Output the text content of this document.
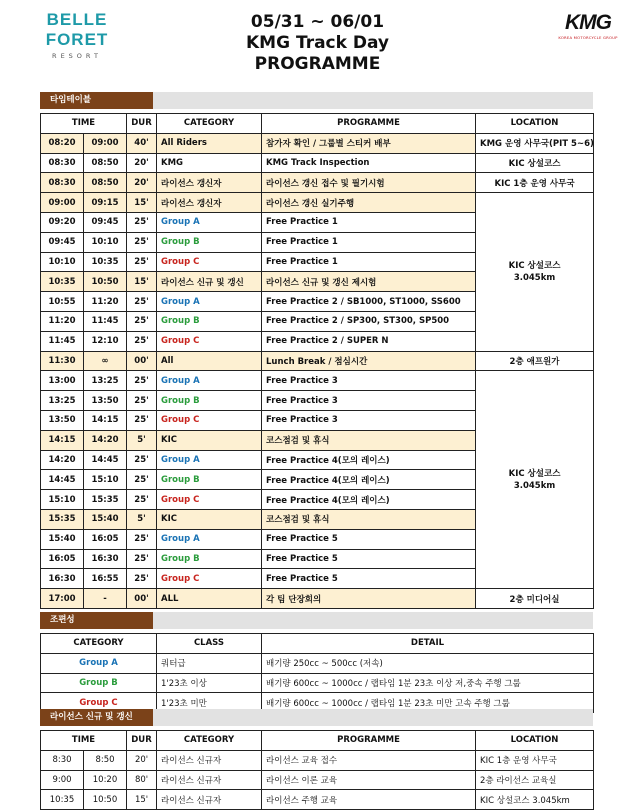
BELLE FORET
RESORT
05/31 ~ 06/01
KMG Track Day
PROGRAMME
KMG
KOREA MOTORCYCLE GROUP
타임테이블
TIME		DUR	CATEGORY	PROGRAMME	LOCATION
08:20	09:00	40'	All Riders	참가자 확인 / 그룹별 스티커 배부	KMG 운영 사무국(PIT 5~6)
08:30	08:50	20'	KMG	KMG Track Inspection	KIC 상설코스
08:30	08:50	20'	라이선스 갱신자	라이선스 갱신 접수 및 필기시험	KIC 1층 운영 사무국
09:00	09:15	15'	라이선스 갱신자	라이선스 갱신 실기주행	KIC 상설코스
3.045km

09:20	09:45	25'	Group A	Free Practice 1	
09:45	10:10	25'	Group B	Free Practice 1	
10:10	10:35	25'	Group C	Free Practice 1	
10:35	10:50	15'	라이선스 신규 및 갱신	라이선스 신규 및 갱신 제시험	
10:55	11:20	25'	Group A	Free Practice 2 / SB1000, ST1000, SS600	
11:20	11:45	25'	Group B	Free Practice 2 / SP300, ST300, SP500	
11:45	12:10	25'	Group C	Free Practice 2 / SUPER N	
11:30	∞	00'	All	Lunch Break / 점심시간	2층 애프원가
13:00	13:25	25'	Group A	Free Practice 3	KIC 상설코스
3.045km

13:25	13:50	25'	Group B	Free Practice 3	
13:50	14:15	25'	Group C	Free Practice 3	
14:15	14:20	5'	KIC	코스점검 및 휴식	
14:20	14:45	25'	Group A	Free Practice 4(모의 레이스)	
14:45	15:10	25'	Group B	Free Practice 4(모의 레이스)	
15:10	15:35	25'	Group C	Free Practice 4(모의 레이스)	
15:35	15:40	5'	KIC	코스점검 및 휴식	
15:40	16:05	25'	Group A	Free Practice 5	
16:05	16:30	25'	Group B	Free Practice 5	
16:30	16:55	25'	Group C	Free Practice 5	
17:00	-	00'	ALL	각 팀 단장회의	2층 미디어실
조편성
CATEGORY	CLASS	DETAIL
Group A	쿼터급	배기량 250cc ~ 500cc (저속)
Group B	1'23초 이상	배기량 600cc ~ 1000cc / 랩타임 1분 23초 이상 저,중속 주행 그룹
Group C	1'23초 미만	배기량 600cc ~ 1000cc / 랩타임 1분 23초 미만 고속 주행 그룹
라이선스 신규 및 갱신
TIME		DUR	CATEGORY	PROGRAMME	LOCATION
8:30	8:50	20'	라이선스 신규자	라이선스 교육 접수	KIC 1층 운영 사무국
9:00	10:20	80'	라이선스 신규자	라이선스 이론 교육	2층 라이선스 교육실
10:35	10:50	15'	라이선스 신규자	라이선스 주행 교육	KIC 상설코스 3.045km
